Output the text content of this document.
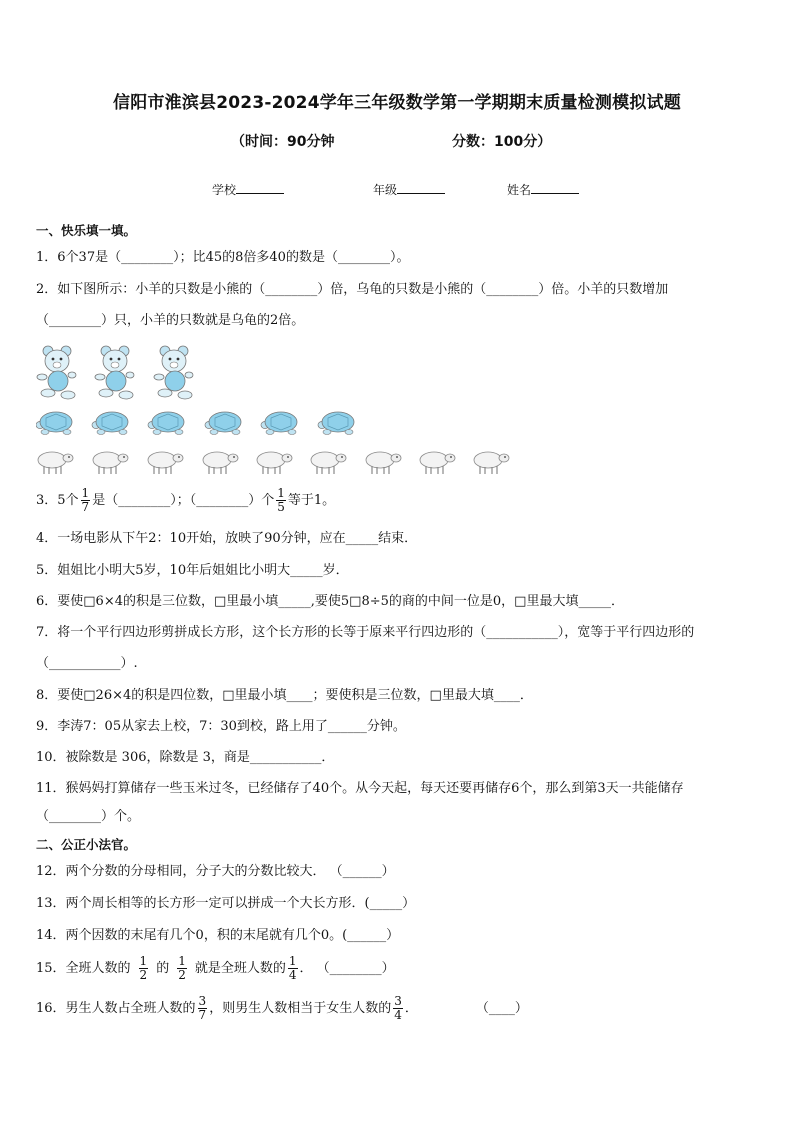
信阳市淮滨县2023-2024学年三年级数学第一学期期末质量检测模拟试题
（时间：90分钟	分数：100分）
学校	年级	姓名
一、快乐填一填。
1．6个37是（________）；比45的8倍多40的数是（________）。
2．如下图所示：小羊的只数是小熊的（________）倍，乌龟的只数是小熊的（________）倍。小羊的只数增加
（________）只，小羊的只数就是乌龟的2倍。
3．5个 $\frac{1}{7}$ 是（________）；（________）个 $\frac{1}{5}$ 等于1。
4．一场电影从下午2：10开始，放映了90分钟，应在_____结束．
5．姐姐比小明大5岁，10年后姐姐比小明大_____岁．
6．要使□6×4的积是三位数，□里最小填_____,要使5□8÷5的商的中间一位是0，□里最大填_____．
7．将一个平行四边形剪拼成长方形，这个长方形的长等于原来平行四边形的（___________），宽等于平行四边形的
（___________）.
8．要使□26×4的积是四位数，□里最小填____；要使积是三位数，□里最大填____．
9．李涛7：05从家去上校，7：30到校，路上用了______分钟。
10．被除数是 306，除数是 3，商是___________．
11．猴妈妈打算储存一些玉米过冬，已经储存了40个。从今天起，每天还要再储存6个，那么到第3天一共能储存
（________）个。
二、公正小法官。
12．两个分数的分母相同，分子大的分数比较大． （______）
13．两个周长相等的长方形一定可以拼成一个大长方形．(_____）
14．两个因数的末尾有几个0，积的末尾就有几个0。(______）
15．全班人数的 $\frac{1}{2}$ 的 $\frac{1}{2}$ 就是全班人数的 $\frac{1}{4}$ ． （________）
16．男生人数占全班人数的 $\frac{3}{7}$ ，则男生人数相当于女生人数的 $\frac{3}{4}$ ．	（____）
